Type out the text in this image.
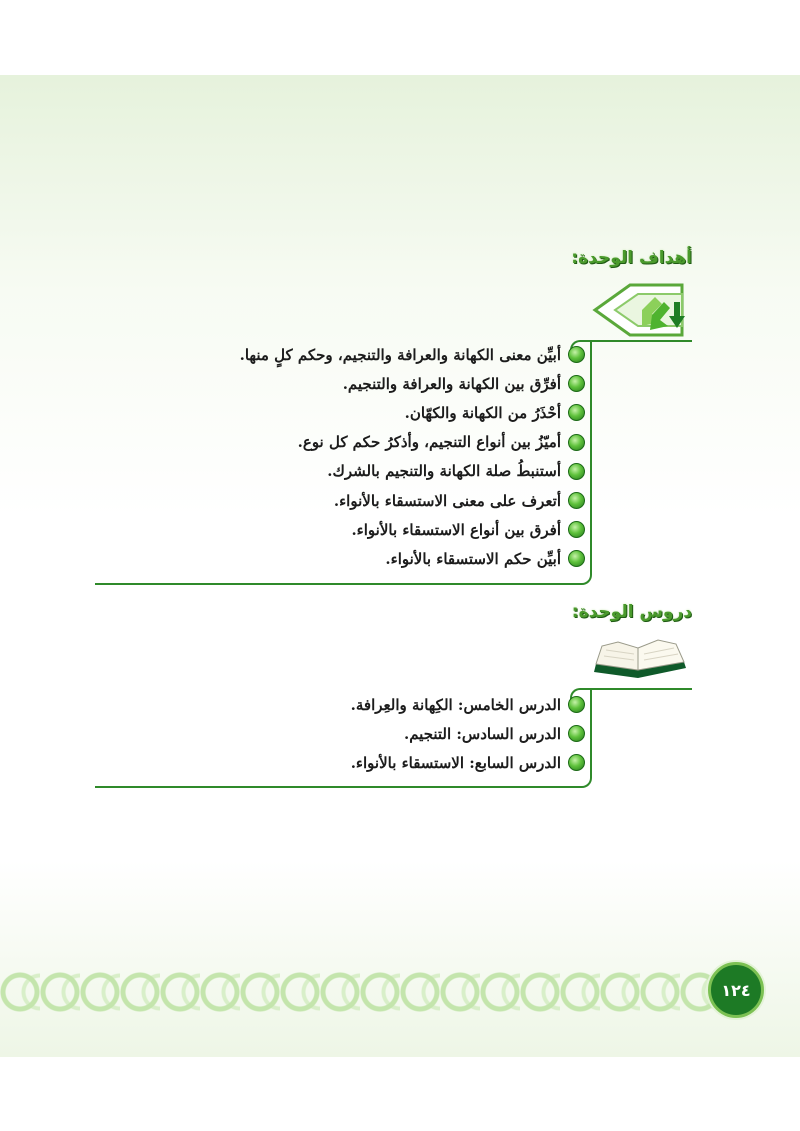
أهداف الوحدة:
أبيِّن معنى الكهانة والعرافة والتنجيم، وحكم كلٍ منها.
أفرِّق بين الكهانة والعرافة والتنجيم.
أحْذَرُ من الكهانة والكهّان.
أميّزُ بين أنواع التنجيم، وأذكرُ حكم كل نوع.
أستنبطُ صلة الكهانة والتنجيم بالشرك.
أتعرف على معنى الاستسقاء بالأنواء.
أفرق بين أنواع الاستسقاء بالأنواء.
أبيِّن حكم الاستسقاء بالأنواء.
دروس الوحدة:
الدرس الخامس: الكِهانة والعِرافة.
الدرس السادس: التنجيم.
الدرس السابع: الاستسقاء بالأنواء.
١٢٤
